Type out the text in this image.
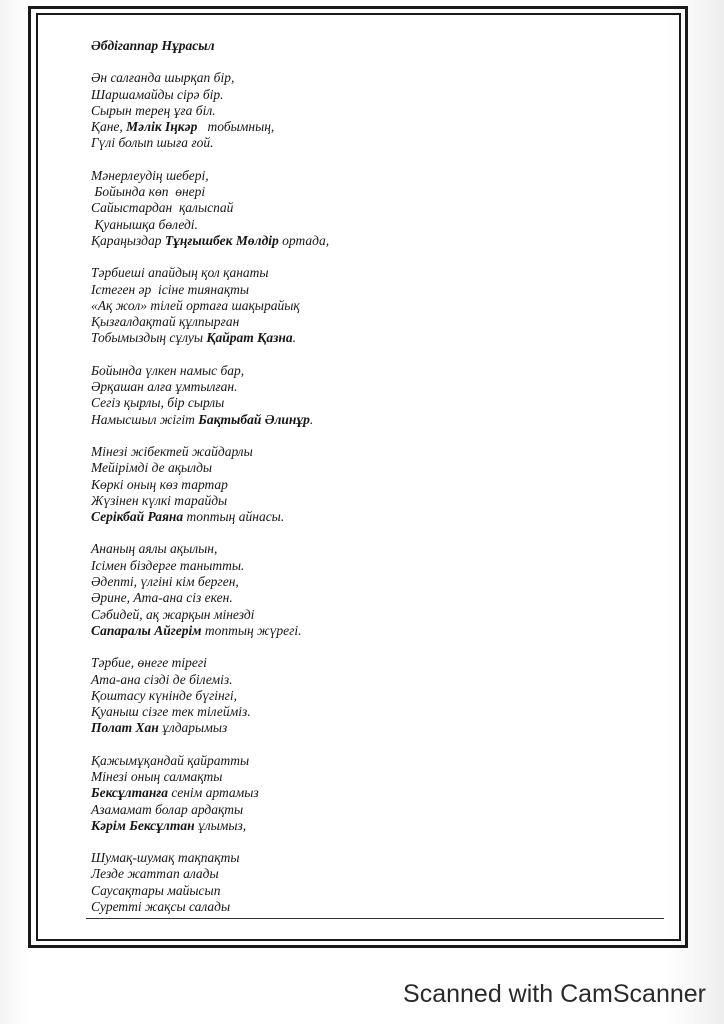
Әбдігаппар Нұрасыл
Ән салғанда шырқап бір,
Шаршамайды сірә бір.
Сырын терең ұға біл.
Қане, Мәлік Іңкәр   тобымның,
Гүлі болып шыға ғой.
Мәнерлеудің шебері,
Бойында көп  өнері
Сайыстардан  қалыспай
Қуанышқа бөледі.
Қараңыздар Тұңғышбек Мөлдір ортада,
Тәрбиеші апайдың қол қанаты
Істеген әр  ісіне тиянақты
«Ақ жол» тілей ортаға шақырайық
Қызғалдақтай құлпырған
Тобымыздың сұлуы Қайрат Қазна.
Бойында үлкен намыс бар,
Әрқашан алға ұмтылған.
Сегіз қырлы, бір сырлы
Намысшыл жігіт Бақтыбай Әлинұр.
Мінезі жібектей жайдарлы
Мейірімді де ақылды
Көркі оның көз тартар
Жүзінен күлкі тарайды
Серікбай Раяна топтың айнасы.
Ананың аялы ақылын,
Ісімен біздерге танытты.
Әдепті, үлгіні кім берген,
Әрине, Ата-ана сіз екен.
Сәбидей, ақ жарқын мінезді
Сапаралы Айгерім топтың жүрегі.
Тәрбие, өнеге тірегі
Ата-ана сізді де білеміз.
Қоштасу күнінде бүгінгі,
Қуаныш сізге тек тілейміз.
Полат Хан ұлдарымыз
Қажымұқандай қайратты
Мінезі оның салмақты
Бексұлтанға сенім артамыз
Азамамат болар ардақты
Кәрім Бексұлтан ұлымыз,
Шумақ-шумақ тақпақты
Лезде жаттап алады
Саусақтары майысып
Суретті жақсы салады
Scanned with CamScanner
